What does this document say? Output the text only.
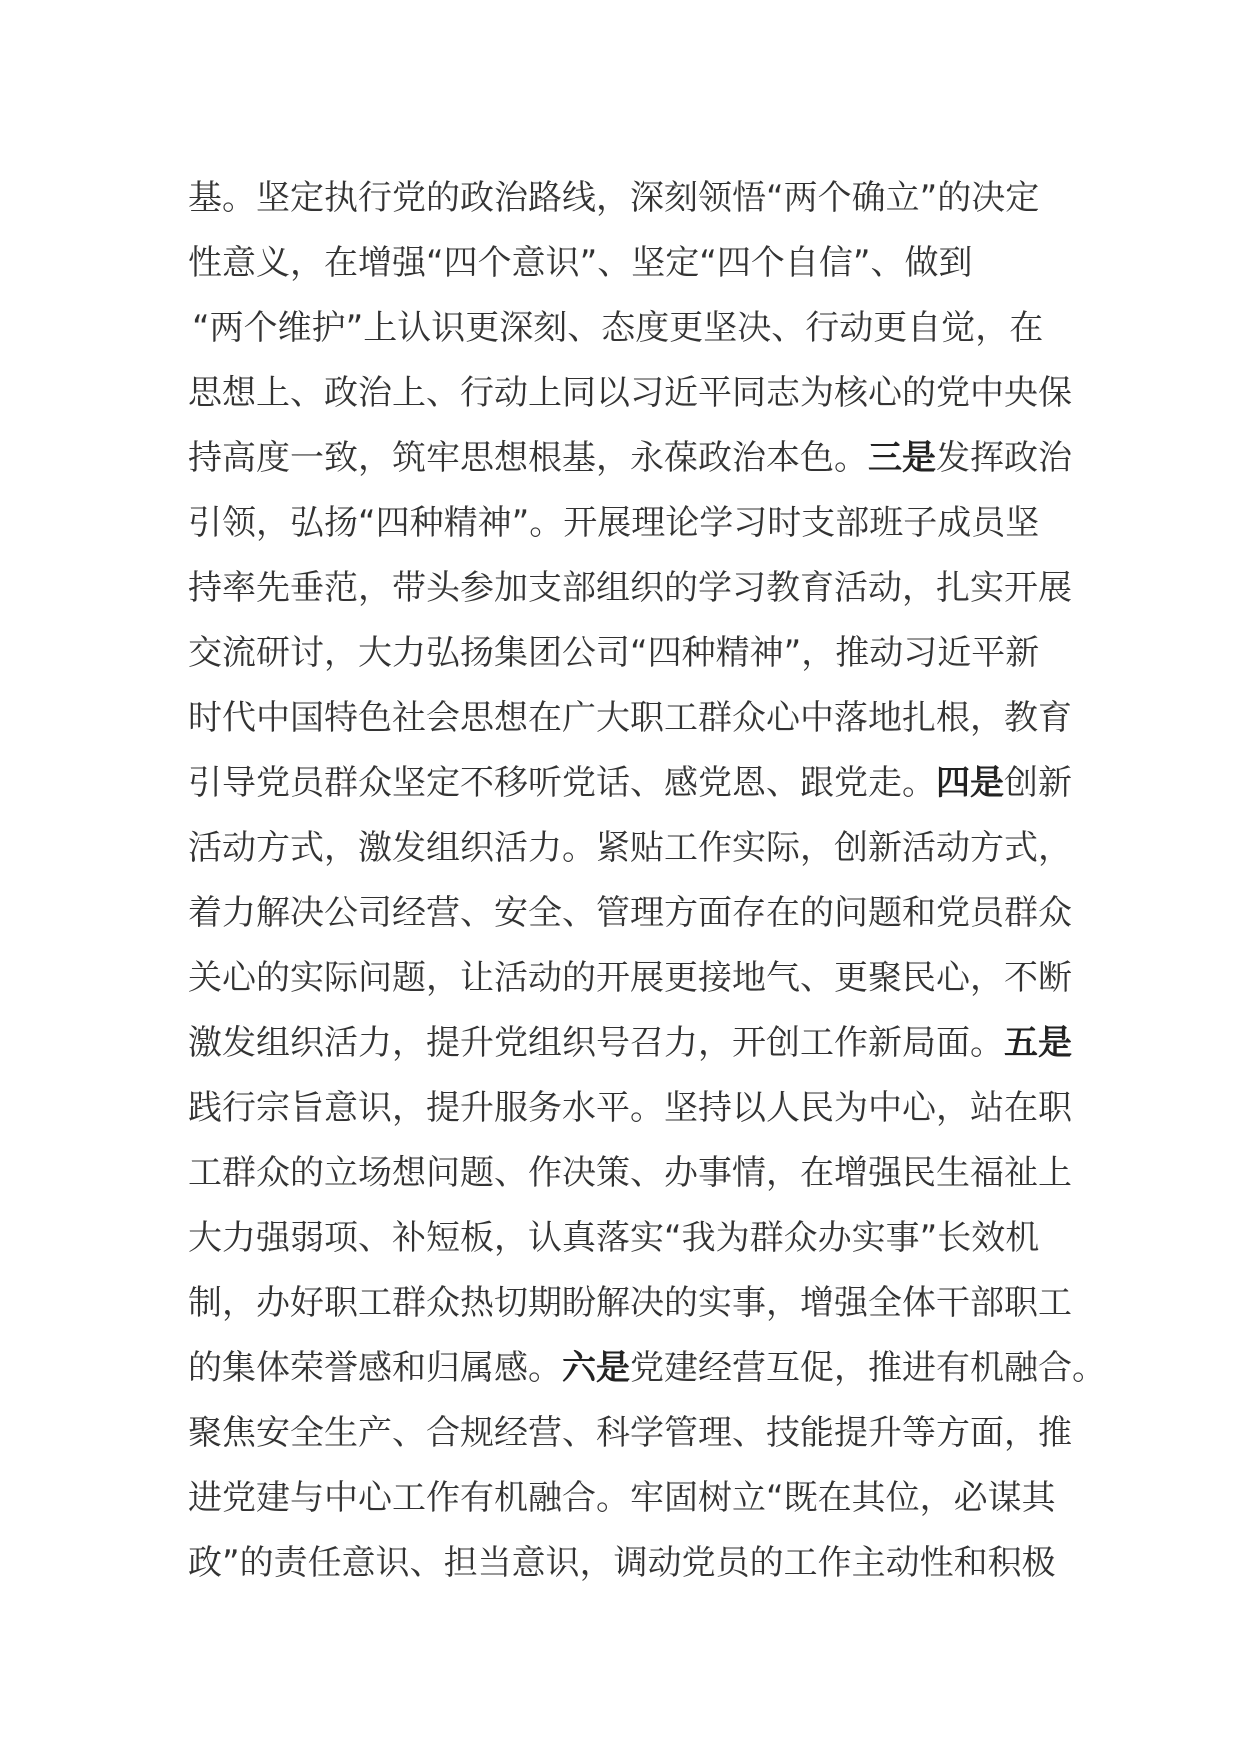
基。坚定执行党的政治路线，深刻领悟“两个确立”的决定
性意义，在增强“四个意识”、坚定“四个自信”、做到
“两个维护”上认识更深刻、态度更坚决、行动更自觉，在
思想上、政治上、行动上同以习近平同志为核心的党中央保
持高度一致，筑牢思想根基，永葆政治本色。三是发挥政治
引领，弘扬“四种精神”。开展理论学习时支部班子成员坚
持率先垂范，带头参加支部组织的学习教育活动，扎实开展
交流研讨，大力弘扬集团公司“四种精神”，推动习近平新
时代中国特色社会思想在广大职工群众心中落地扎根，教育
引导党员群众坚定不移听党话、感党恩、跟党走。四是创新
活动方式，激发组织活力。紧贴工作实际，创新活动方式，
着力解决公司经营、安全、管理方面存在的问题和党员群众
关心的实际问题，让活动的开展更接地气、更聚民心，不断
激发组织活力，提升党组织号召力，开创工作新局面。五是
践行宗旨意识，提升服务水平。坚持以人民为中心，站在职
工群众的立场想问题、作决策、办事情，在增强民生福祉上
大力强弱项、补短板，认真落实“我为群众办实事”长效机
制，办好职工群众热切期盼解决的实事，增强全体干部职工
的集体荣誉感和归属感。六是党建经营互促，推进有机融合。
聚焦安全生产、合规经营、科学管理、技能提升等方面，推
进党建与中心工作有机融合。牢固树立“既在其位，必谋其
政”的责任意识、担当意识，调动党员的工作主动性和积极
